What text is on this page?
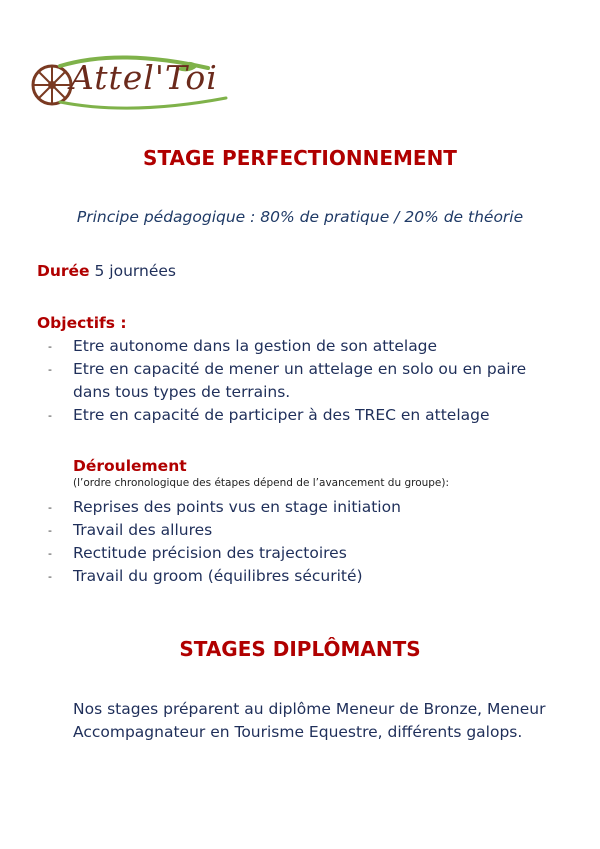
Attel'Toi
STAGE PERFECTIONNEMENT
Principe pédagogique : 80% de pratique / 20% de théorie
Durée 5 journées
Objectifs :
- Etre autonome dans la gestion de son attelage
- Etre en capacité de mener un attelage en solo ou en paire dans tous types de terrains.
- Etre en capacité de participer à des TREC en attelage
Déroulement
(l’ordre chronologique des étapes dépend de l’avancement du groupe):
- Reprises des points vus en stage initiation
- Travail des allures
- Rectitude précision des trajectoires
- Travail du groom (équilibres sécurité)
STAGES DIPLÔMANTS
Nos stages préparent au diplôme Meneur de Bronze, Meneur Accompagnateur en Tourisme Equestre, différents galops.
